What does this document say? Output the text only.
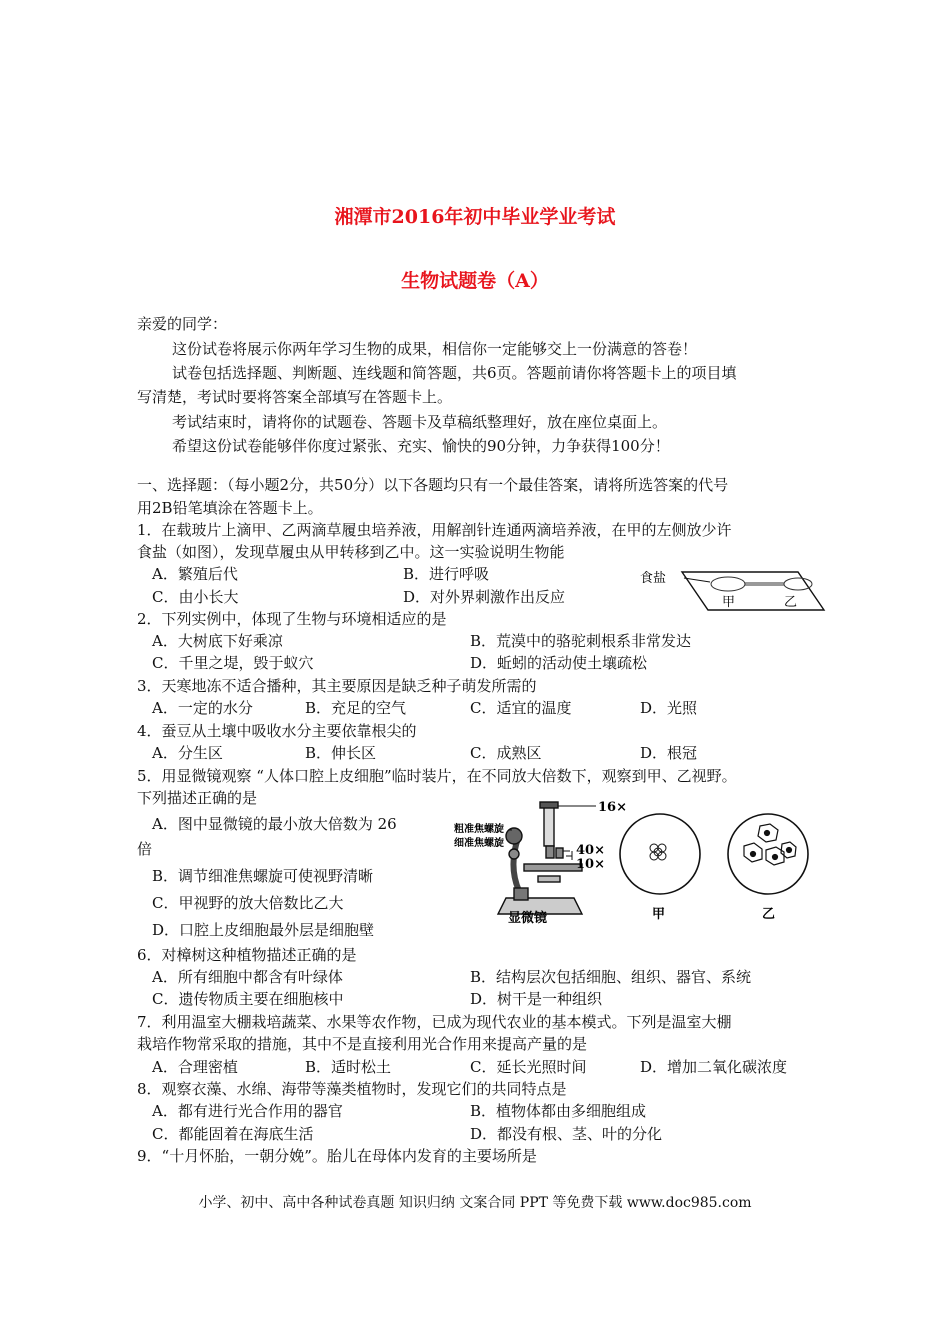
湘潭市2016年初中毕业学业考试
生物试题卷（A）
亲爱的同学：
这份试卷将展示你两年学习生物的成果，相信你一定能够交上一份满意的答卷！
试卷包括选择题、判断题、连线题和简答题，共6页。答题前请你将答题卡上的项目填
写清楚，考试时要将答案全部填写在答题卡上。
考试结束时，请将你的试题卷、答题卡及草稿纸整理好，放在座位桌面上。
希望这份试卷能够伴你度过紧张、充实、愉快的90分钟，力争获得100分！
一、选择题：（每小题2分，共50分）以下各题均只有一个最佳答案，请将所选答案的代号
用2B铅笔填涂在答题卡上。
1．在载玻片上滴甲、乙两滴草履虫培养液，用解剖针连通两滴培养液，在甲的左侧放少许
食盐（如图），发现草履虫从甲转移到乙中。这一实验说明生物能
A．繁殖后代	B．进行呼吸
C．由小长大	D．对外界刺激作出反应
食盐
甲	乙
2．下列实例中，体现了生物与环境相适应的是
A．大树底下好乘凉	B．荒漠中的骆驼刺根系非常发达
C．千里之堤，毁于蚁穴	D．蚯蚓的活动使土壤疏松
3．天寒地冻不适合播种，其主要原因是缺乏种子萌发所需的
A．一定的水分	B．充足的空气	C．适宜的温度	D．光照
4．蚕豆从土壤中吸收水分主要依靠根尖的
A．分生区	B．伸长区	C．成熟区	D．根冠
5．用显微镜观察 “人体口腔上皮细胞”临时装片，在不同放大倍数下，观察到甲、乙视野。
下列描述正确的是
A．图中显微镜的最小放大倍数为 26
倍
B．调节细准焦螺旋可使视野清晰
C．甲视野的放大倍数比乙大
D．口腔上皮细胞最外层是细胞壁
16×
粗准焦螺旋
细准焦螺旋	40×
10×
显微镜	甲	乙
6．对樟树这种植物描述正确的是
A．所有细胞中都含有叶绿体	B．结构层次包括细胞、组织、器官、系统
C．遗传物质主要在细胞核中	D．树干是一种组织
7．利用温室大棚栽培蔬菜、水果等农作物，已成为现代农业的基本模式。下列是温室大棚
栽培作物常采取的措施，其中不是直接利用光合作用来提高产量的是
A．合理密植	B．适时松土	C．延长光照时间	D．增加二氧化碳浓度
8．观察衣藻、水绵、海带等藻类植物时，发现它们的共同特点是
A．都有进行光合作用的器官	B．植物体都由多细胞组成
C．都能固着在海底生活	D．都没有根、茎、叶的分化
9．“十月怀胎，一朝分娩”。胎儿在母体内发育的主要场所是
小学、初中、高中各种试卷真题 知识归纳 文案合同 PPT 等免费下载 www.doc985.com
